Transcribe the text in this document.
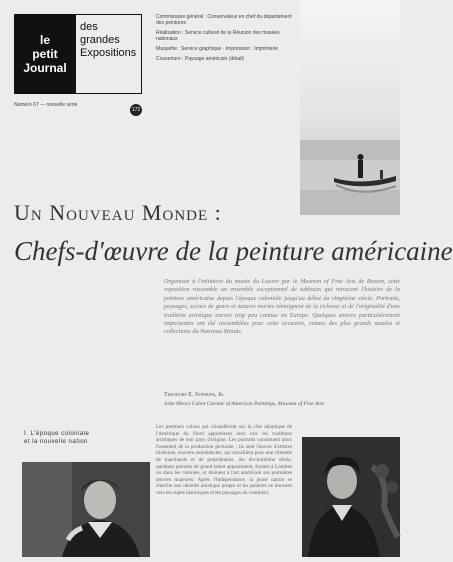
le
petit
Journal
des
grandes
Expositions
Numéro 67 — nouvelle série
172

Commissaire général : Conservateur en chef du département des peintures

Réalisation : Service culturel de la Réunion des musées nationaux

Maquette : Service graphique · Impression : Imprimerie

Couverture : Paysage américain (détail)

Un Nouveau Monde :
Chefs-d'œuvre de la peinture américaine
Organisée à l'initiative du musée du Louvre par le Museum of Fine Arts de Boston, cette exposition rassemble un ensemble exceptionnel de tableaux qui retracent l'histoire de la peinture américaine depuis l'époque coloniale jusqu'au début du vingtième siècle. Portraits, paysages, scènes de genre et natures mortes témoignent de la richesse et de l'originalité d'une tradition artistique encore trop peu connue en Europe. Quelques œuvres particulièrement importantes ont été rassemblées pour cette occasion, venues des plus grands musées et collections du Nouveau Monde.
Theodore E. Stebbins, Jr.
John Moors Cabot Curator of American Paintings, Museum of Fine Arts
I. L'époque coloniale
et la nouvelle nation
Les premiers colons qui s'installèrent sur la côte atlantique de l'Amérique du Nord apportèrent avec eux les traditions artistiques de leur pays d'origine. Les portraits constituent alors l'essentiel de la production picturale ; ils sont l'œuvre d'artistes itinérants, souvent autodidactes, qui travaillent pour une clientèle de marchands et de propriétaires. Au dix-huitième siècle, quelques peintres de grand talent apparaissent, formés à Londres ou dans les colonies, et donnent à l'art américain ses premières œuvres majeures. Après l'Indépendance, la jeune nation se cherche une identité artistique propre et les peintres se tournent vers les sujets historiques et les paysages du continent.
